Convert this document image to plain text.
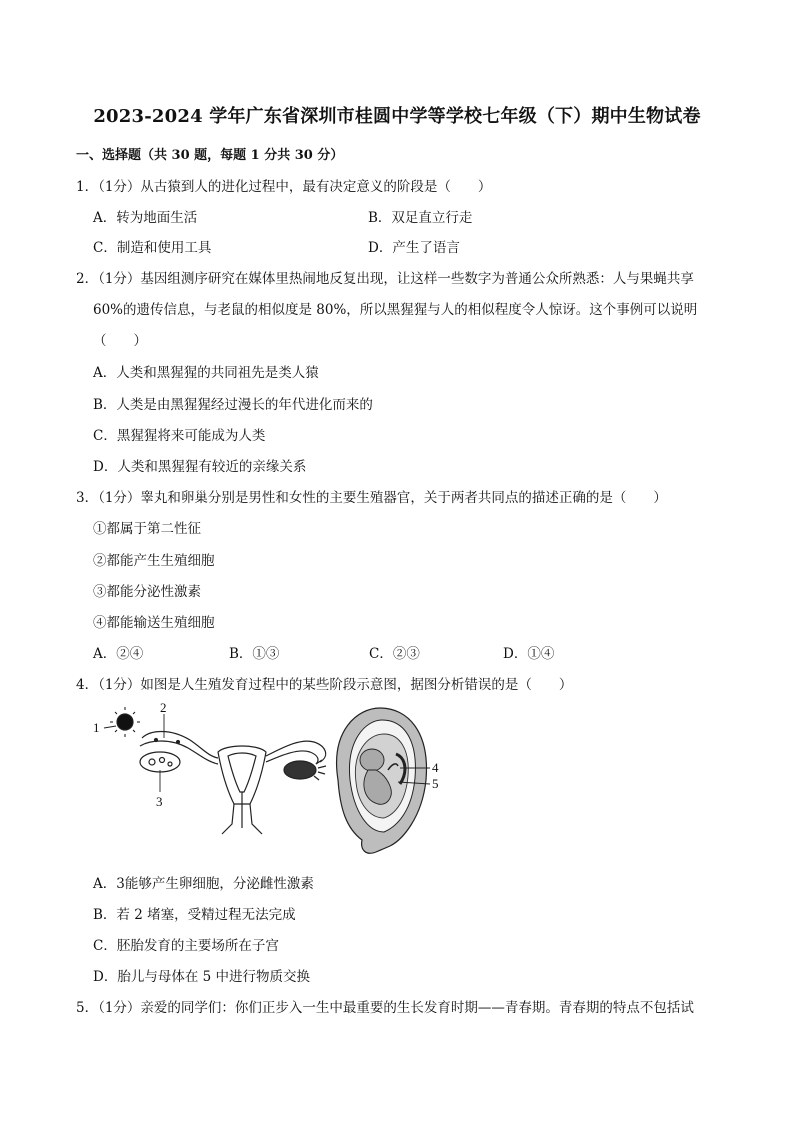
2023-2024 学年广东省深圳市桂圆中学等学校七年级（下）期中生物试卷
一、选择题（共 30 题，每题 1 分共 30 分）
1．（1分）从古猿到人的进化过程中，最有决定意义的阶段是（　　）
A．转为地面生活	B．双足直立行走
C．制造和使用工具	D．产生了语言
2．（1分）基因组测序研究在媒体里热闹地反复出现，让这样一些数字为普通公众所熟悉：人与果蝇共享
60%的遗传信息，与老鼠的相似度是 80%，所以黑猩猩与人的相似程度令人惊讶。这个事例可以说明
（　　）
A．人类和黑猩猩的共同祖先是类人猿
B．人类是由黑猩猩经过漫长的年代进化而来的
C．黑猩猩将来可能成为人类
D．人类和黑猩猩有较近的亲缘关系
3．（1分）睾丸和卵巢分别是男性和女性的主要生殖器官，关于两者共同点的描述正确的是（　　）
①都属于第二性征
②都能产生生殖细胞
③都能分泌性激素
④都能输送生殖细胞
A．②④	B．①③	C．②③	D．①④
4．（1分）如图是人生殖发育过程中的某些阶段示意图，据图分析错误的是（　　）
1
2
3
4
5
A．3能够产生卵细胞，分泌雌性激素
B．若 2 堵塞，受精过程无法完成
C．胚胎发育的主要场所在子宫
D．胎儿与母体在 5 中进行物质交换
5．（1分）亲爱的同学们：你们正步入一生中最重要的生长发育时期——青春期。青春期的特点不包括试
